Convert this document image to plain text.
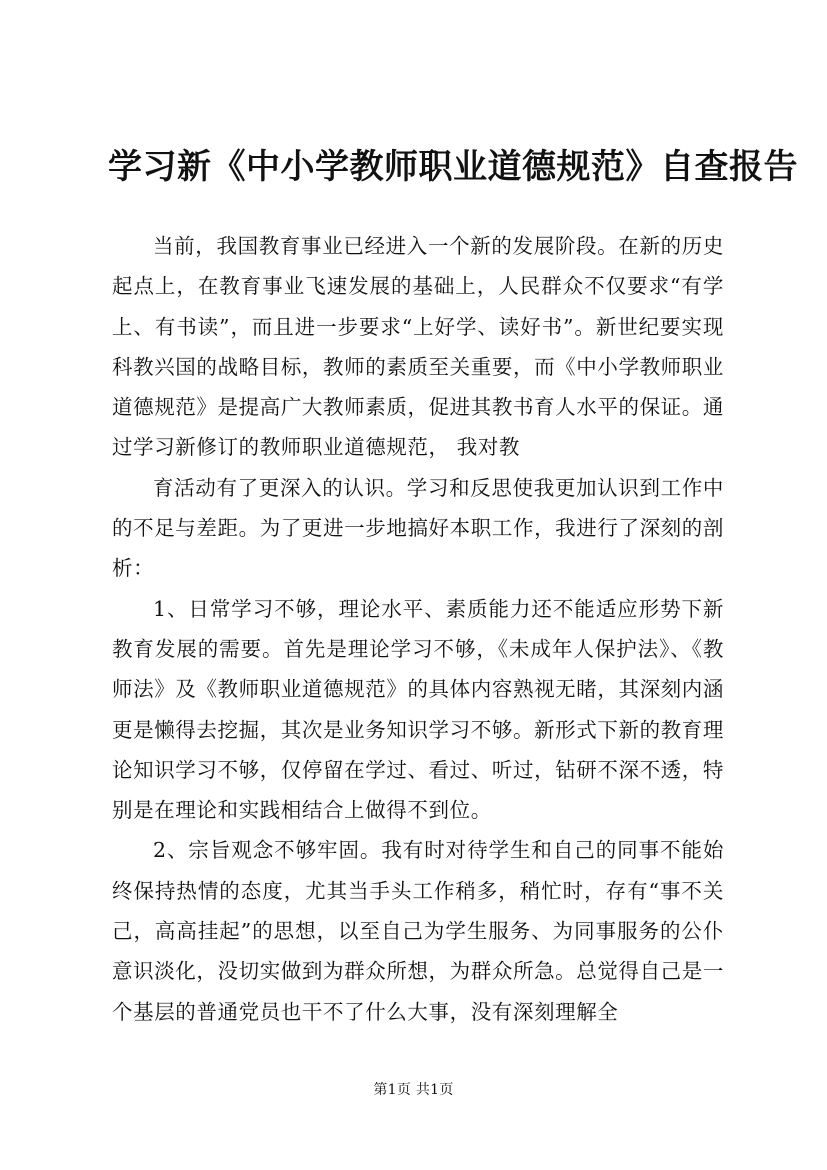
学习新《中小学教师职业道德规范》自查报告

当前，我国教育事业已经进入一个新的发展阶段。在新的历史起点上，在教育事业飞速发展的基础上，人民群众不仅要求“有学上、有书读”，而且进一步要求“上好学、读好书”。新世纪要实现科教兴国的战略目标，教师的素质至关重要，而《中小学教师职业道德规范》是提高广大教师素质，促进其教书育人水平的保证。通过学习新修订的教师职业道德规范， 我对教

育活动有了更深入的认识。学习和反思使我更加认识到工作中的不足与差距。为了更进一步地搞好本职工作，我进行了深刻的剖析：

1、日常学习不够，理论水平、素质能力还不能适应形势下新教育发展的需要。首先是理论学习不够，《未成年人保护法》、《教师法》及《教师职业道德规范》的具体内容熟视无睹，其深刻内涵更是懒得去挖掘，其次是业务知识学习不够。新形式下新的教育理论知识学习不够，仅停留在学过、看过、听过，钻研不深不透，特别是在理论和实践相结合上做得不到位。

2、宗旨观念不够牢固。我有时对待学生和自己的同事不能始终保持热情的态度，尤其当手头工作稍多，稍忙时，存有“事不关己，高高挂起”的思想，以至自己为学生服务、为同事服务的公仆意识淡化，没切实做到为群众所想，为群众所急。总觉得自己是一个基层的普通党员也干不了什么大事，没有深刻理解全

第1页 共1页
